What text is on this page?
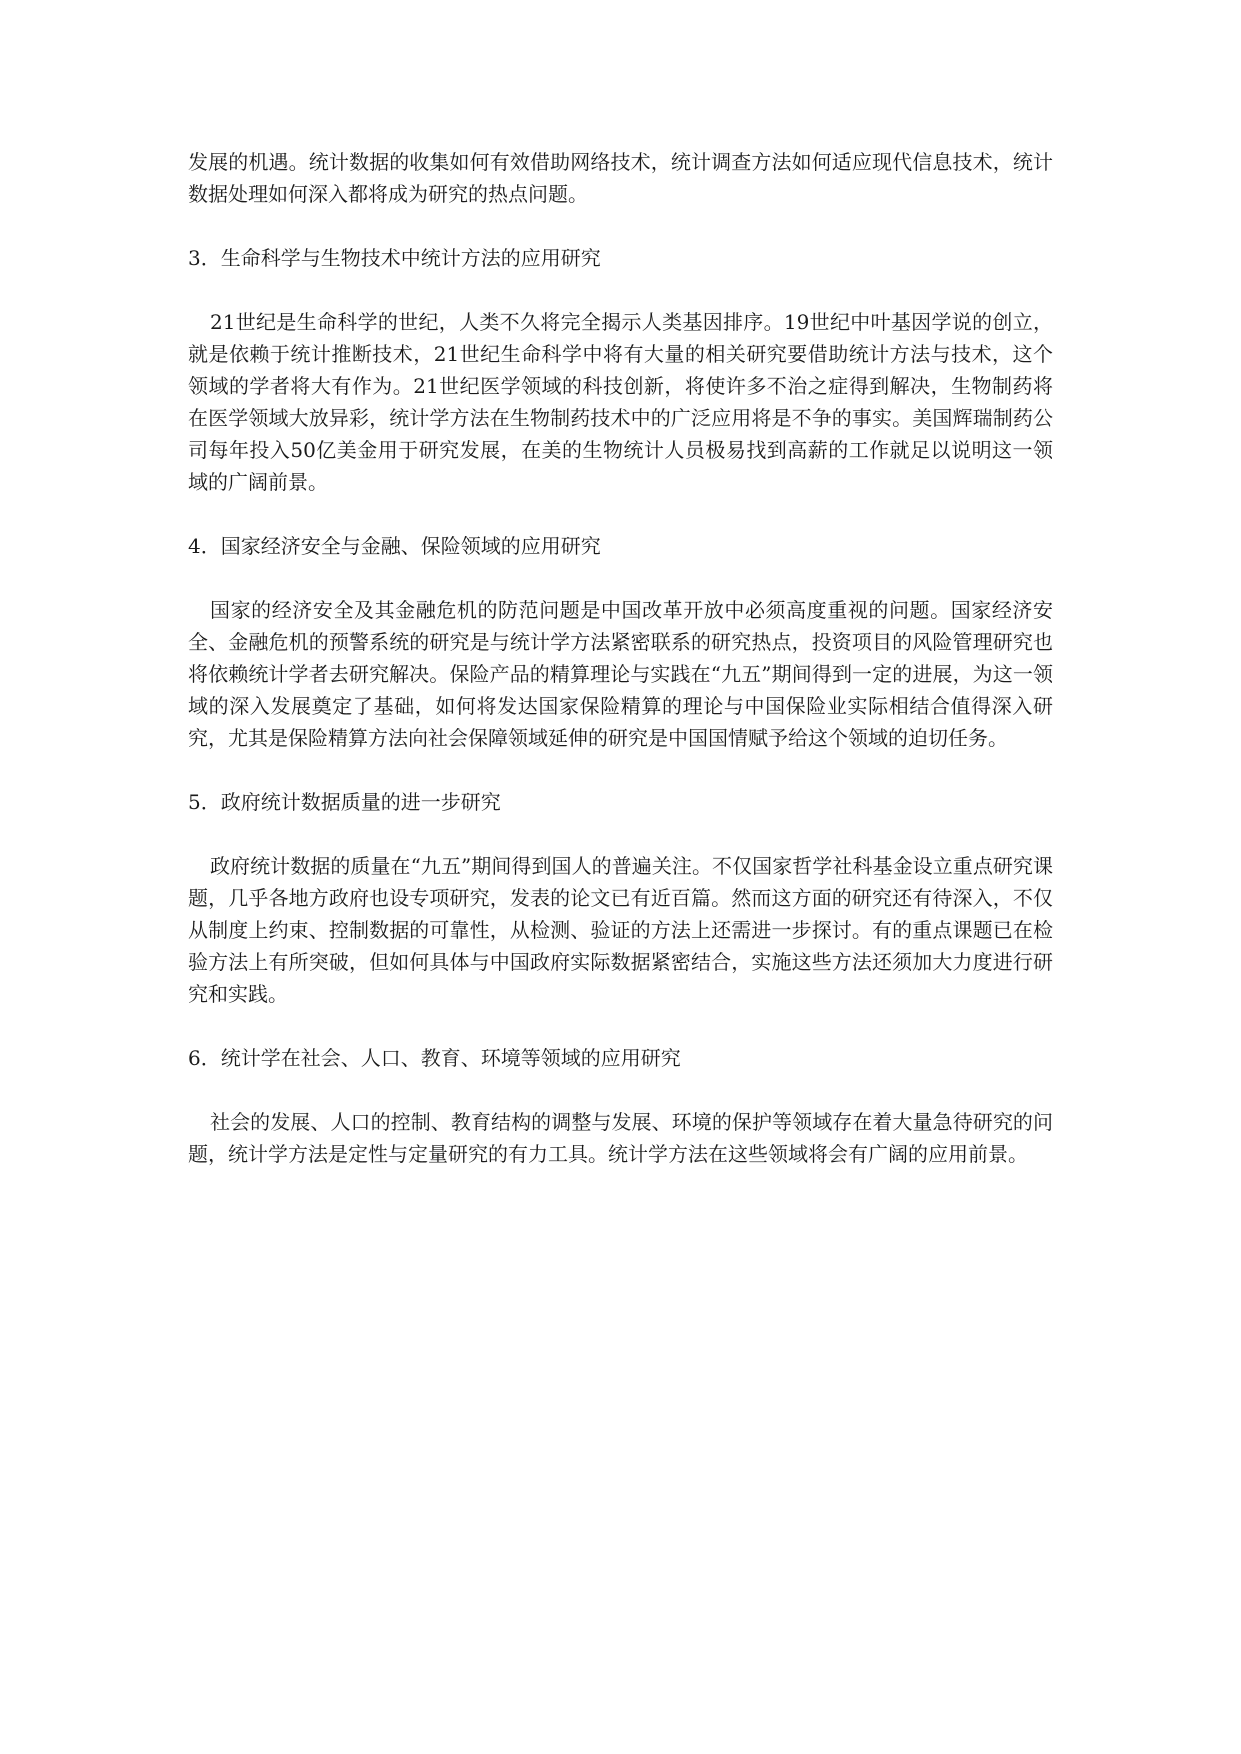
发展的机遇。统计数据的收集如何有效借助网络技术，统计调查方法如何适应现代信息技术，统计数据处理如何深入都将成为研究的热点问题。

3．生命科学与生物技术中统计方法的应用研究

21世纪是生命科学的世纪，人类不久将完全揭示人类基因排序。19世纪中叶基因学说的创立，就是依赖于统计推断技术，21世纪生命科学中将有大量的相关研究要借助统计方法与技术，这个领域的学者将大有作为。21世纪医学领域的科技创新，将使许多不治之症得到解决，生物制药将在医学领域大放异彩，统计学方法在生物制药技术中的广泛应用将是不争的事实。美国辉瑞制药公司每年投入50亿美金用于研究发展，在美的生物统计人员极易找到高薪的工作就足以说明这一领域的广阔前景。

4．国家经济安全与金融、保险领域的应用研究

国家的经济安全及其金融危机的防范问题是中国改革开放中必须高度重视的问题。国家经济安全、金融危机的预警系统的研究是与统计学方法紧密联系的研究热点，投资项目的风险管理研究也将依赖统计学者去研究解决。保险产品的精算理论与实践在“九五”期间得到一定的进展，为这一领域的深入发展奠定了基础，如何将发达国家保险精算的理论与中国保险业实际相结合值得深入研究，尤其是保险精算方法向社会保障领域延伸的研究是中国国情赋予给这个领域的迫切任务。

5．政府统计数据质量的进一步研究

政府统计数据的质量在“九五”期间得到国人的普遍关注。不仅国家哲学社科基金设立重点研究课题，几乎各地方政府也设专项研究，发表的论文已有近百篇。然而这方面的研究还有待深入，不仅从制度上约束、控制数据的可靠性，从检测、验证的方法上还需进一步探讨。有的重点课题已在检验方法上有所突破，但如何具体与中国政府实际数据紧密结合，实施这些方法还须加大力度进行研究和实践。

6．统计学在社会、人口、教育、环境等领域的应用研究

社会的发展、人口的控制、教育结构的调整与发展、环境的保护等领域存在着大量急待研究的问题，统计学方法是定性与定量研究的有力工具。统计学方法在这些领域将会有广阔的应用前景。
